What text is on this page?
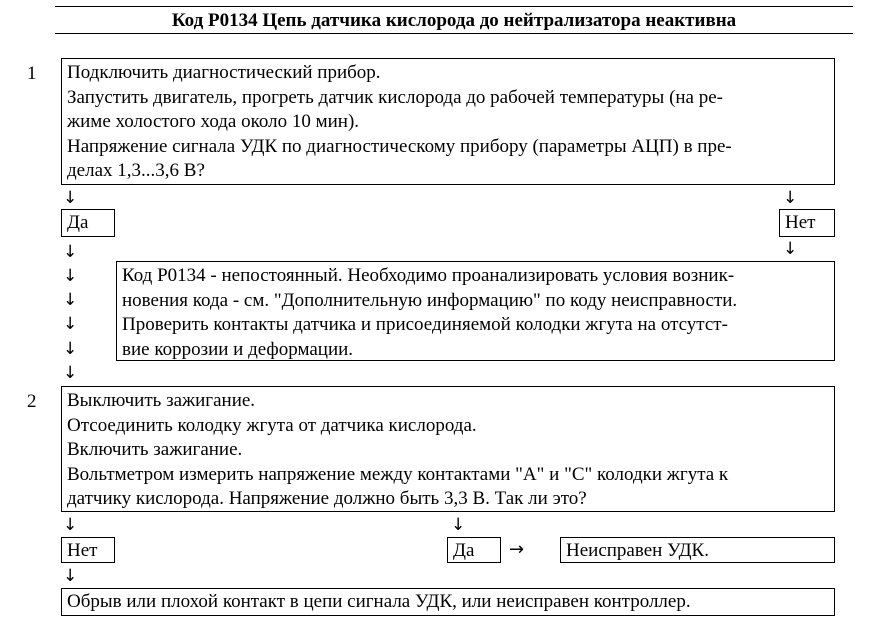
Код P0134 Цепь датчика кислорода до нейтрализатора неактивна
1 Подключить диагностический прибор.
Запустить двигатель, прогреть датчик кислорода до рабочей температуры (на ре-
жиме холостого хода около 10 мин).
Напряжение сигнала УДК по диагностическому прибору (параметры АЦП) в пре-
делах 1,3...3,6 В?
↓	↓
Да	Нет
↓
↓
↓
↓
↓
↓
↓
Код P0134 - непостоянный. Необходимо проанализировать условия возник-
новения кода - см. "Дополнительную информацию" по коду неисправности.
Проверить контакты датчика и присоединяемой колодки жгута на отсутст-
вие коррозии и деформации.
2 Выключить зажигание.
Отсоединить колодку жгута от датчика кислорода.
Включить зажигание.
Вольтметром измерить напряжение между контактами "А" и "С" колодки жгута к
датчику кислорода. Напряжение должно быть 3,3 В. Так ли это?
↓	↓
Нет	Да	→	Неисправен УДК.
↓
Обрыв или плохой контакт в цепи сигнала УДК, или неисправен контроллер.
